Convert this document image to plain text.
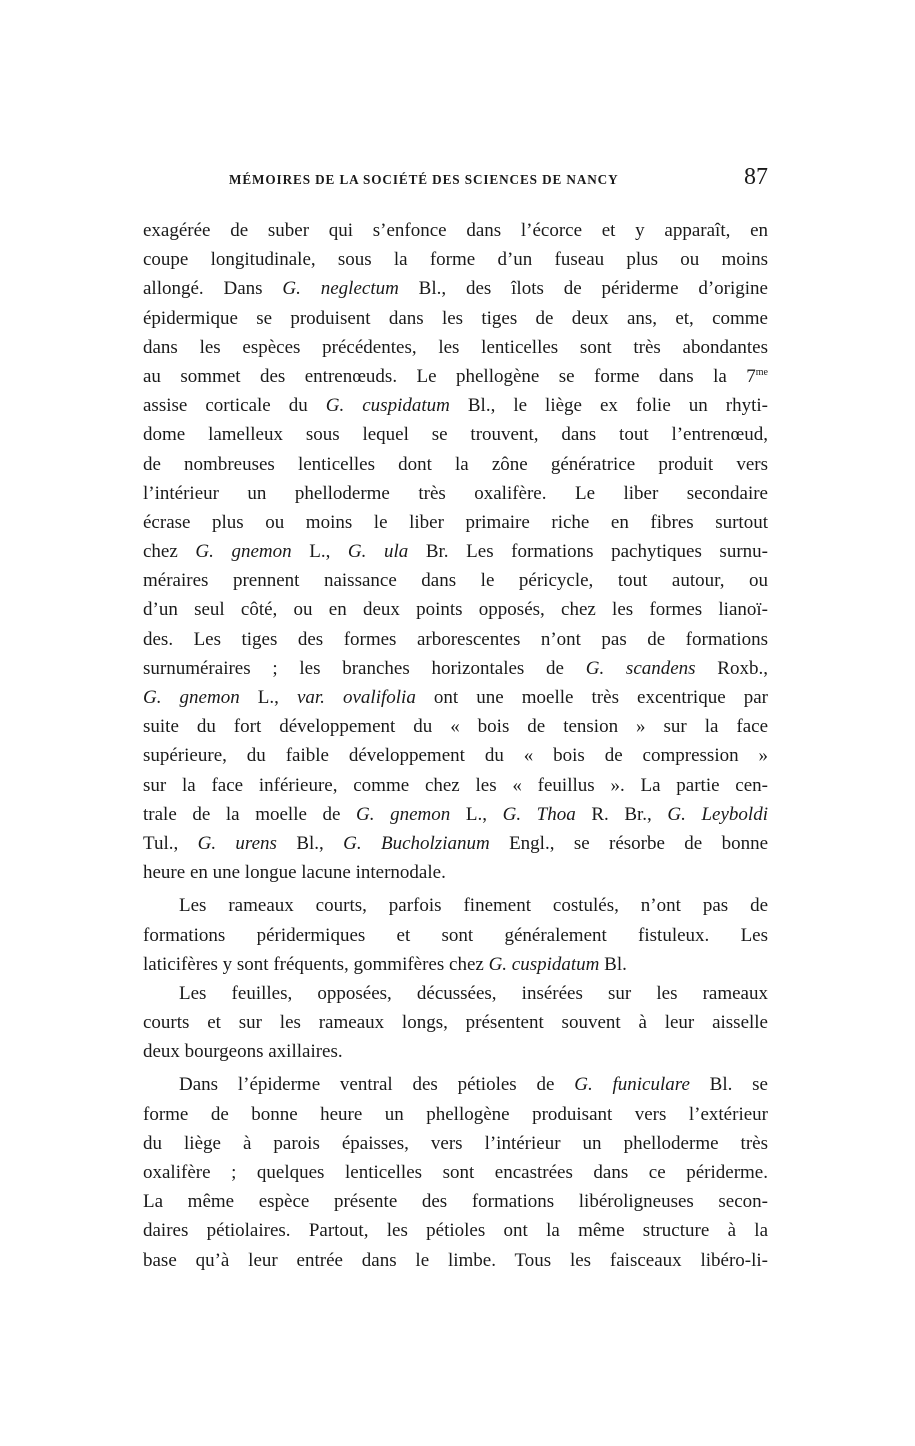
MÉMOIRES DE LA SOCIÉTÉ DES SCIENCES DE NANCY	87
exagérée de suber qui s’enfonce dans l’écorce et y apparaît, en
coupe longitudinale, sous la forme d’un fuseau plus ou moins
allongé. Dans G. neglectum Bl., des îlots de périderme d’origine
épidermique se produisent dans les tiges de deux ans, et, comme
dans les espèces précédentes, les lenticelles sont très abondantes
au sommet des entrenœuds. Le phellogène se forme dans la $7^{me}$
assise corticale du G. cuspidatum Bl., le liège ex folie un rhyti-
dome lamelleux sous lequel se trouvent, dans tout l’entrenœud,
de nombreuses lenticelles dont la zône génératrice produit vers
l’intérieur un phelloderme très oxalifère. Le liber secondaire
écrase plus ou moins le liber primaire riche en fibres surtout
chez G. gnemon L., G. ula Br. Les formations pachytiques surnu-
méraires prennent naissance dans le péricycle, tout autour, ou
d’un seul côté, ou en deux points opposés, chez les formes lianoï-
des. Les tiges des formes arborescentes n’ont pas de formations
surnuméraires ; les branches horizontales de G. scandens Roxb.,
G. gnemon L., var. ovalifolia ont une moelle très excentrique par
suite du fort développement du « bois de tension » sur la face
supérieure, du faible développement du « bois de compression »
sur la face inférieure, comme chez les « feuillus ». La partie cen-
trale de la moelle de G. gnemon L., G. Thoa R. Br., G. Leyboldi
Tul., G. urens Bl., G. Bucholzianum Engl., se résorbe de bonne
heure en une longue lacune internodale.
Les rameaux courts, parfois finement costulés, n’ont pas de
formations péridermiques et sont généralement fistuleux. Les
laticifères y sont fréquents, gommifères chez G. cuspidatum Bl.
Les feuilles, opposées, décussées, insérées sur les rameaux
courts et sur les rameaux longs, présentent souvent à leur aisselle
deux bourgeons axillaires.
Dans l’épiderme ventral des pétioles de G. funiculare Bl. se
forme de bonne heure un phellogène produisant vers l’extérieur
du liège à parois épaisses, vers l’intérieur un phelloderme très
oxalifère ; quelques lenticelles sont encastrées dans ce périderme.
La même espèce présente des formations libéroligneuses secon-
daires pétiolaires. Partout, les pétioles ont la même structure à la
base qu’à leur entrée dans le limbe. Tous les faisceaux libéro-li-
